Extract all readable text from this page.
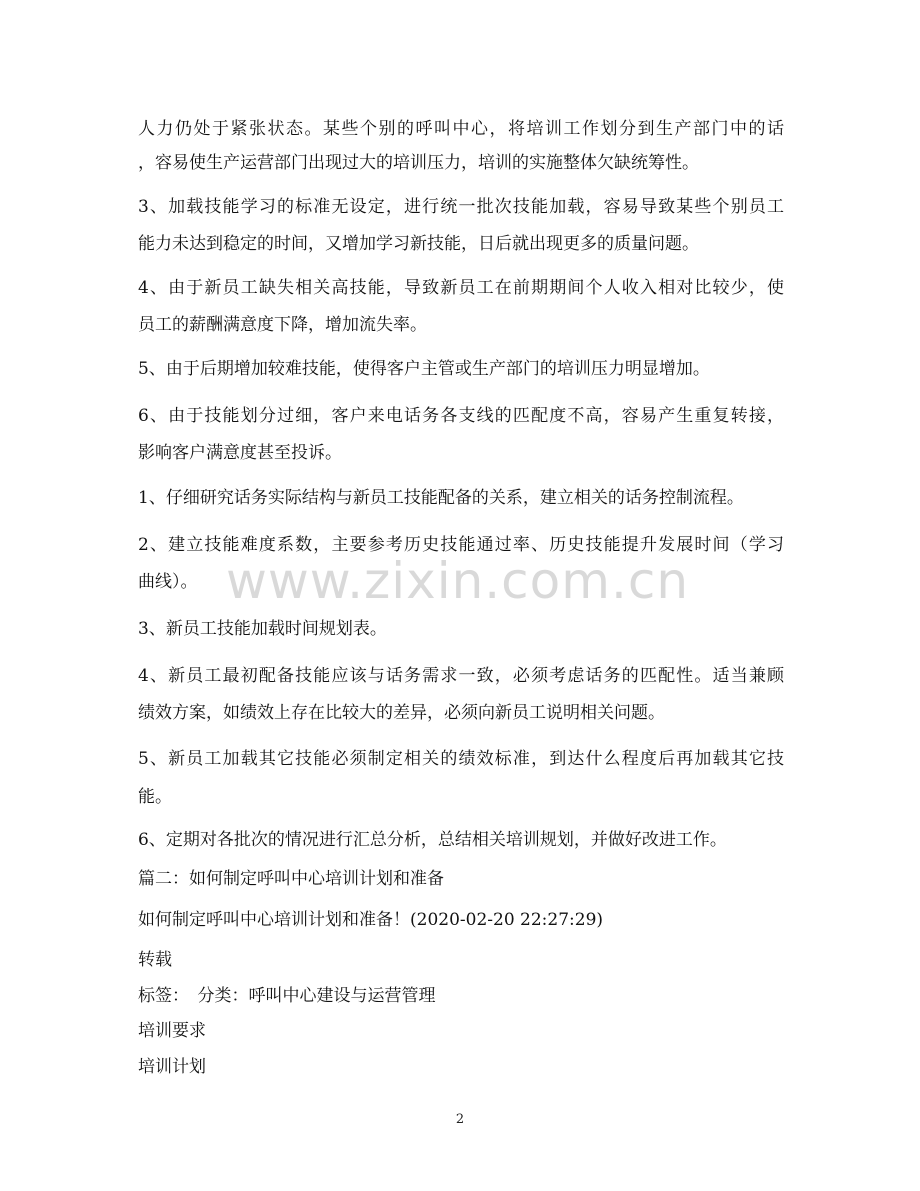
www.zixin.com.cn
人力仍处于紧张状态。某些个别的呼叫中心，将培训工作划分到生产部门中的话
，容易使生产运营部门出现过大的培训压力，培训的实施整体欠缺统筹性。
3、加载技能学习的标准无设定，进行统一批次技能加载，容易导致某些个别员工
能力未达到稳定的时间，又增加学习新技能，日后就出现更多的质量问题。
4、由于新员工缺失相关高技能，导致新员工在前期期间个人收入相对比较少，使
员工的薪酬满意度下降，增加流失率。
5、由于后期增加较难技能，使得客户主管或生产部门的培训压力明显增加。
6、由于技能划分过细，客户来电话务各支线的匹配度不高，容易产生重复转接，
影响客户满意度甚至投诉。
1、仔细研究话务实际结构与新员工技能配备的关系，建立相关的话务控制流程。
2、建立技能难度系数，主要参考历史技能通过率、历史技能提升发展时间（学习
曲线）。
3、新员工技能加载时间规划表。
4、新员工最初配备技能应该与话务需求一致，必须考虑话务的匹配性。适当兼顾
绩效方案，如绩效上存在比较大的差异，必须向新员工说明相关问题。
5、新员工加载其它技能必须制定相关的绩效标准，到达什么程度后再加载其它技
能。
6、定期对各批次的情况进行汇总分析，总结相关培训规划，并做好改进工作。
篇二：如何制定呼叫中心培训计划和准备
如何制定呼叫中心培训计划和准备！(2020-02-20 22:27:29)
转载
标签：　分类：呼叫中心建设与运营管理
培训要求
培训计划
2
